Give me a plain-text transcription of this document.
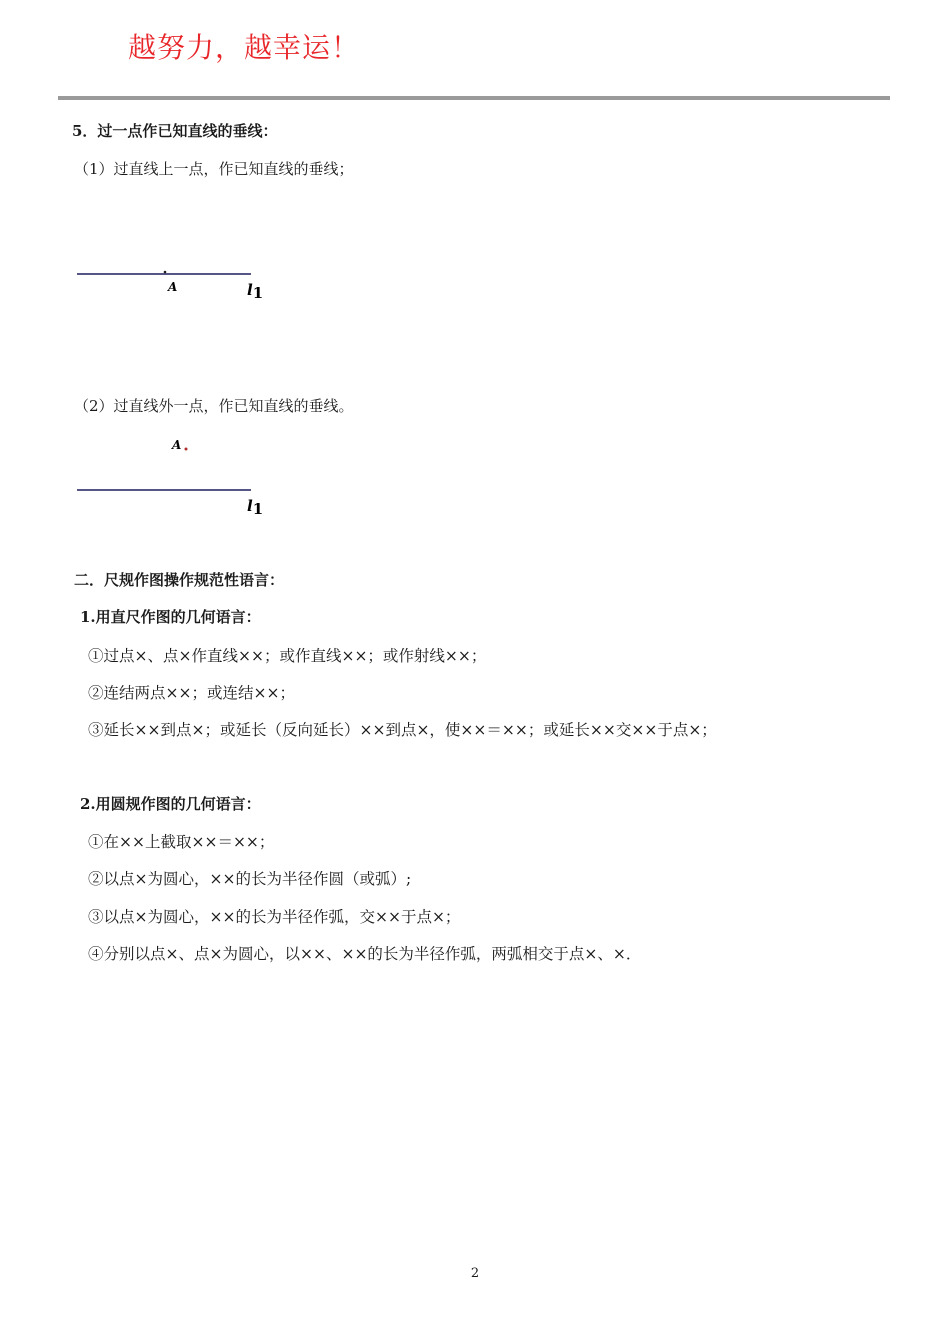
越努力，越幸运！
5．过一点作已知直线的垂线：
（1）过直线上一点，作已知直线的垂线；
A	l1
（2）过直线外一点，作已知直线的垂线。
A
l1
二．尺规作图操作规范性语言：
1.用直尺作图的几何语言：
①过点×、点×作直线××；或作直线××；或作射线××；
②连结两点××；或连结××；
③延长××到点×；或延长（反向延长）××到点×，使××＝××；或延长××交××于点×；
2.用圆规作图的几何语言：
①在××上截取××＝××；
②以点×为圆心，××的长为半径作圆（或弧）;
③以点×为圆心，××的长为半径作弧，交××于点×；
④分别以点×、点×为圆心，以××、××的长为半径作弧，两弧相交于点×、×．
2
